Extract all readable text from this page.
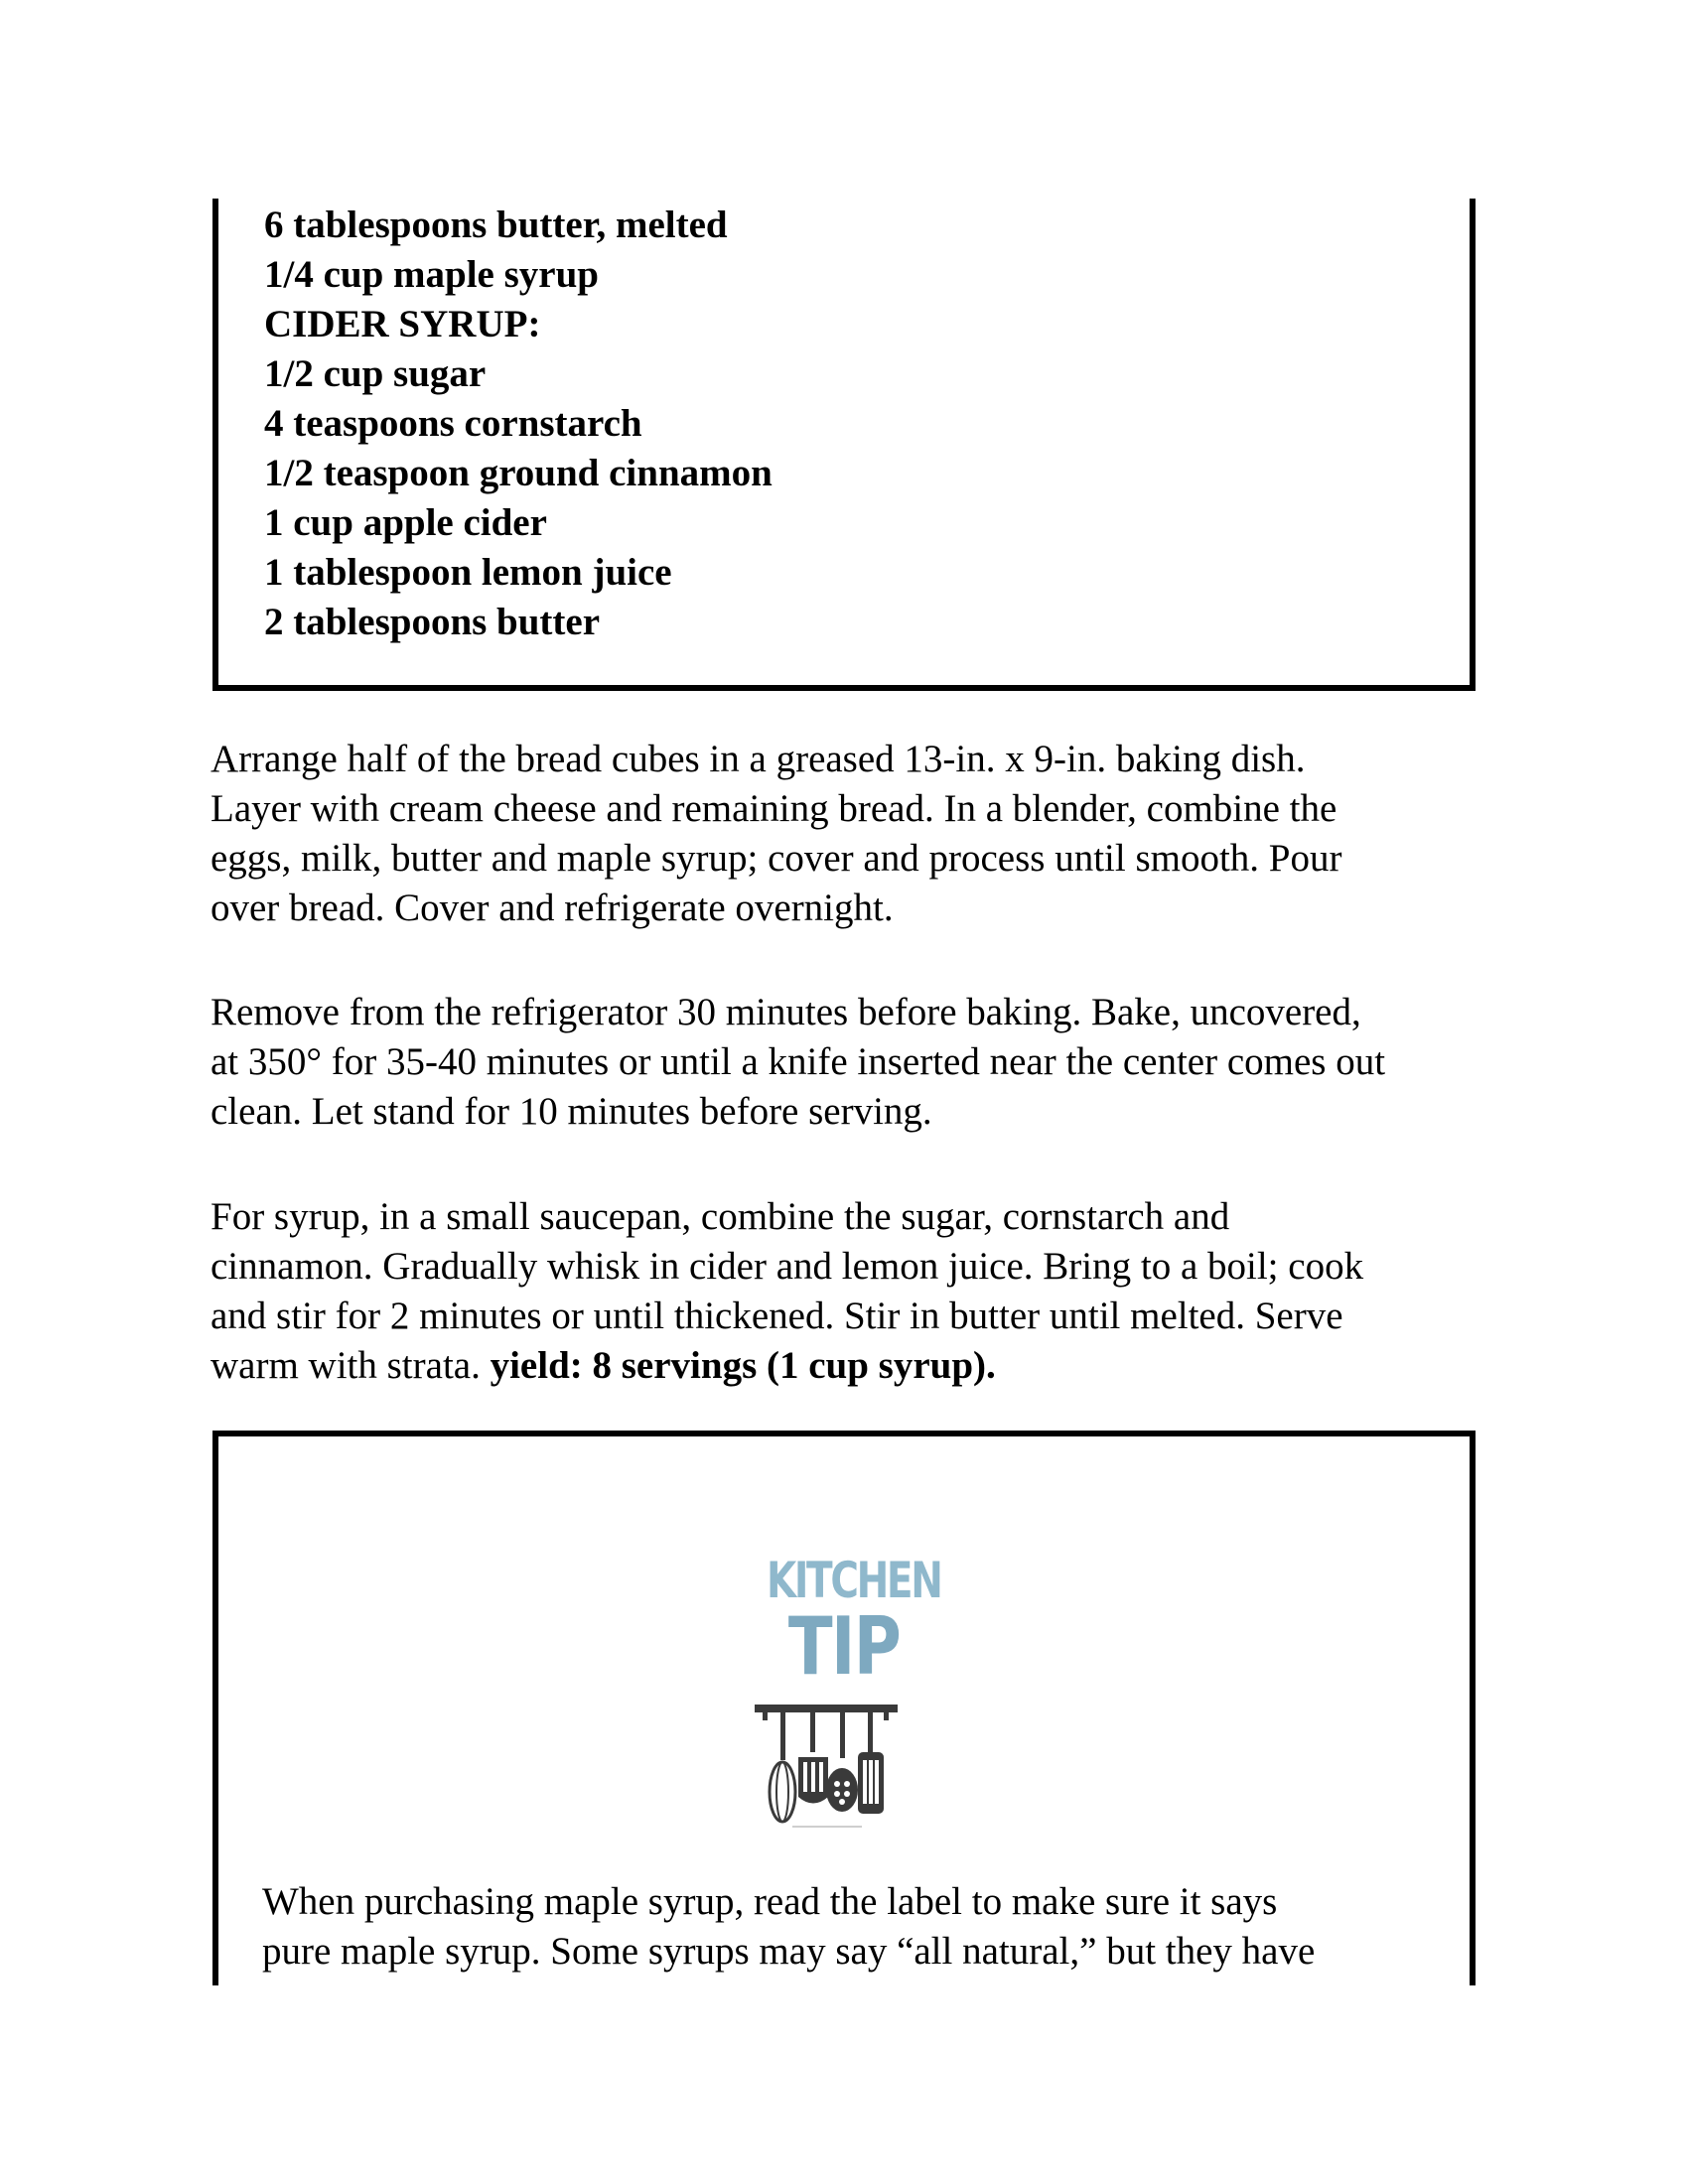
6 tablespoons butter, melted
1/4 cup maple syrup
CIDER SYRUP:
1/2 cup sugar
4 teaspoons cornstarch
1/2 teaspoon ground cinnamon
1 cup apple cider
1 tablespoon lemon juice
2 tablespoons butter

Arrange half of the bread cubes in a greased 13-in. x 9-in. baking dish.
Layer with cream cheese and remaining bread. In a blender, combine the
eggs, milk, butter and maple syrup; cover and process until smooth. Pour
over bread. Cover and refrigerate overnight.

Remove from the refrigerator 30 minutes before baking. Bake, uncovered,
at 350° for 35-40 minutes or until a knife inserted near the center comes out
clean. Let stand for 10 minutes before serving.

For syrup, in a small saucepan, combine the sugar, cornstarch and
cinnamon. Gradually whisk in cider and lemon juice. Bring to a boil; cook
and stir for 2 minutes or until thickened. Stir in butter until melted. Serve
warm with strata. yield: 8 servings (1 cup syrup).

KITCHEN
TIP

When purchasing maple syrup, read the label to make sure it says
pure maple syrup. Some syrups may say “all natural,” but they have
